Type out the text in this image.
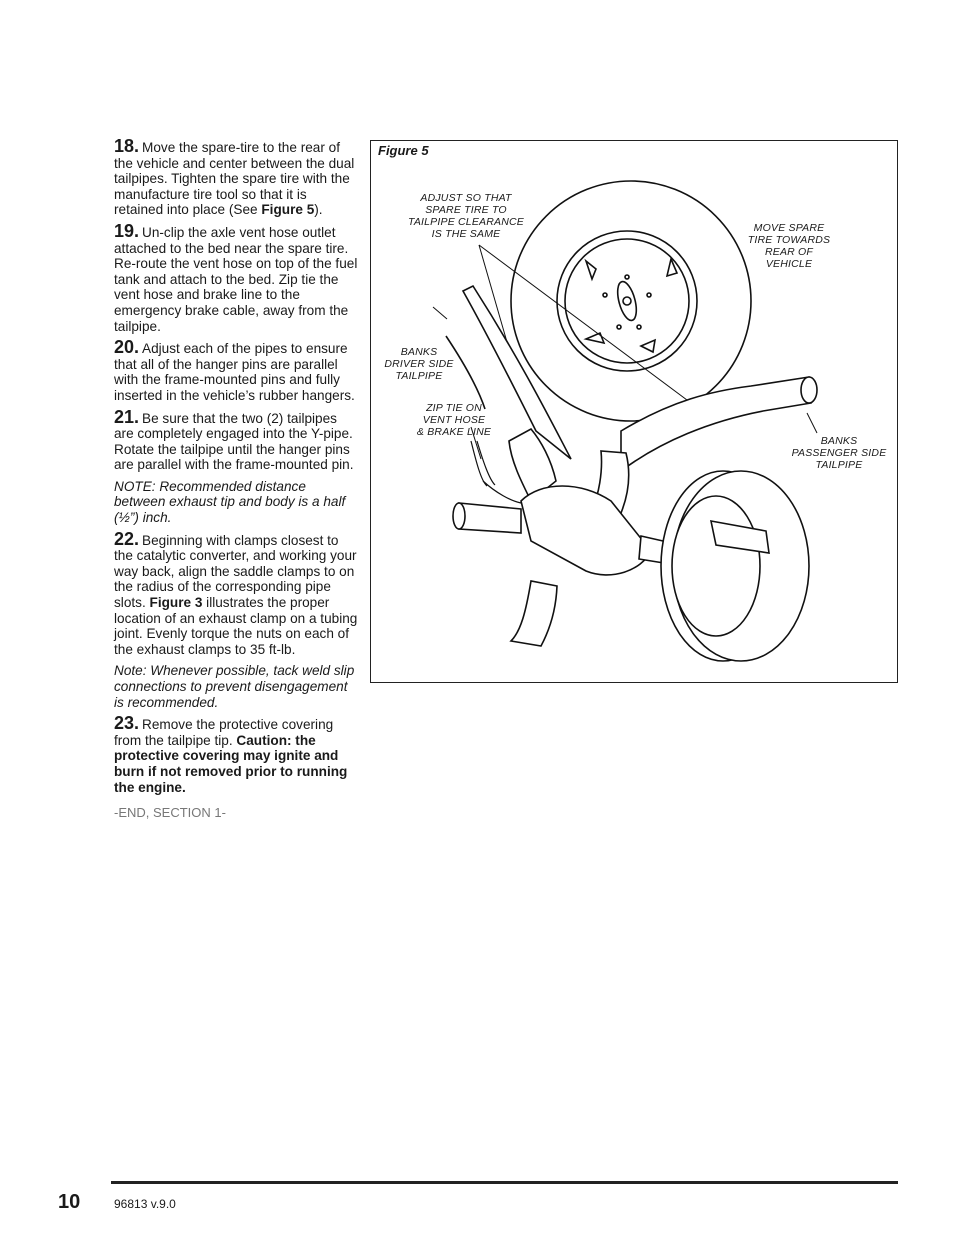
18. Move the spare-tire to the rear of the vehicle and center between the dual tailpipes. Tighten the spare tire with the manufacture tire tool so that it is retained into place (See Figure 5).

19. Un-clip the axle vent hose outlet attached to the bed near the spare tire. Re-route the vent hose on top of the fuel tank and attach to the bed. Zip tie the vent hose and brake line to the emergency brake cable, away from the tailpipe.

20. Adjust each of the pipes to ensure that all of the hanger pins are parallel with the frame-mounted pins and fully inserted in the vehicle’s rubber hangers.

21. Be sure that the two (2) tailpipes are completely engaged into the Y-pipe. Rotate the tailpipe until the hanger pins are parallel with the frame-mounted pin.

NOTE: Recommended distance between exhaust tip and body is a half (½”) inch.

22. Beginning with clamps closest to the catalytic converter, and working your way back, align the saddle clamps to on the radius of the corresponding pipe slots. Figure 3 illustrates the proper location of an exhaust clamp on a tubing joint. Evenly torque the nuts on each of the exhaust clamps to 35 ft-lb.

Note: Whenever possible, tack weld slip connections to prevent disengagement is recommended.

23. Remove the protective covering from the tailpipe tip. Caution: the protective covering may ignite and burn if not removed prior to running the engine.

-END, SECTION 1-
Figure 5
ADJUST SO THAT
SPARE TIRE TO
TAILPIPE CLEARANCE
IS THE SAME	MOVE SPARE
TIRE TOWARDS
REAR OF
VEHICLE
BANKS
DRIVER SIDE
TAILPIPE
ZIP TIE ON
VENT HOSE
& BRAKE LINE
BANKS
PASSENGER SIDE
TAILPIPE
10	96813 v.9.0
